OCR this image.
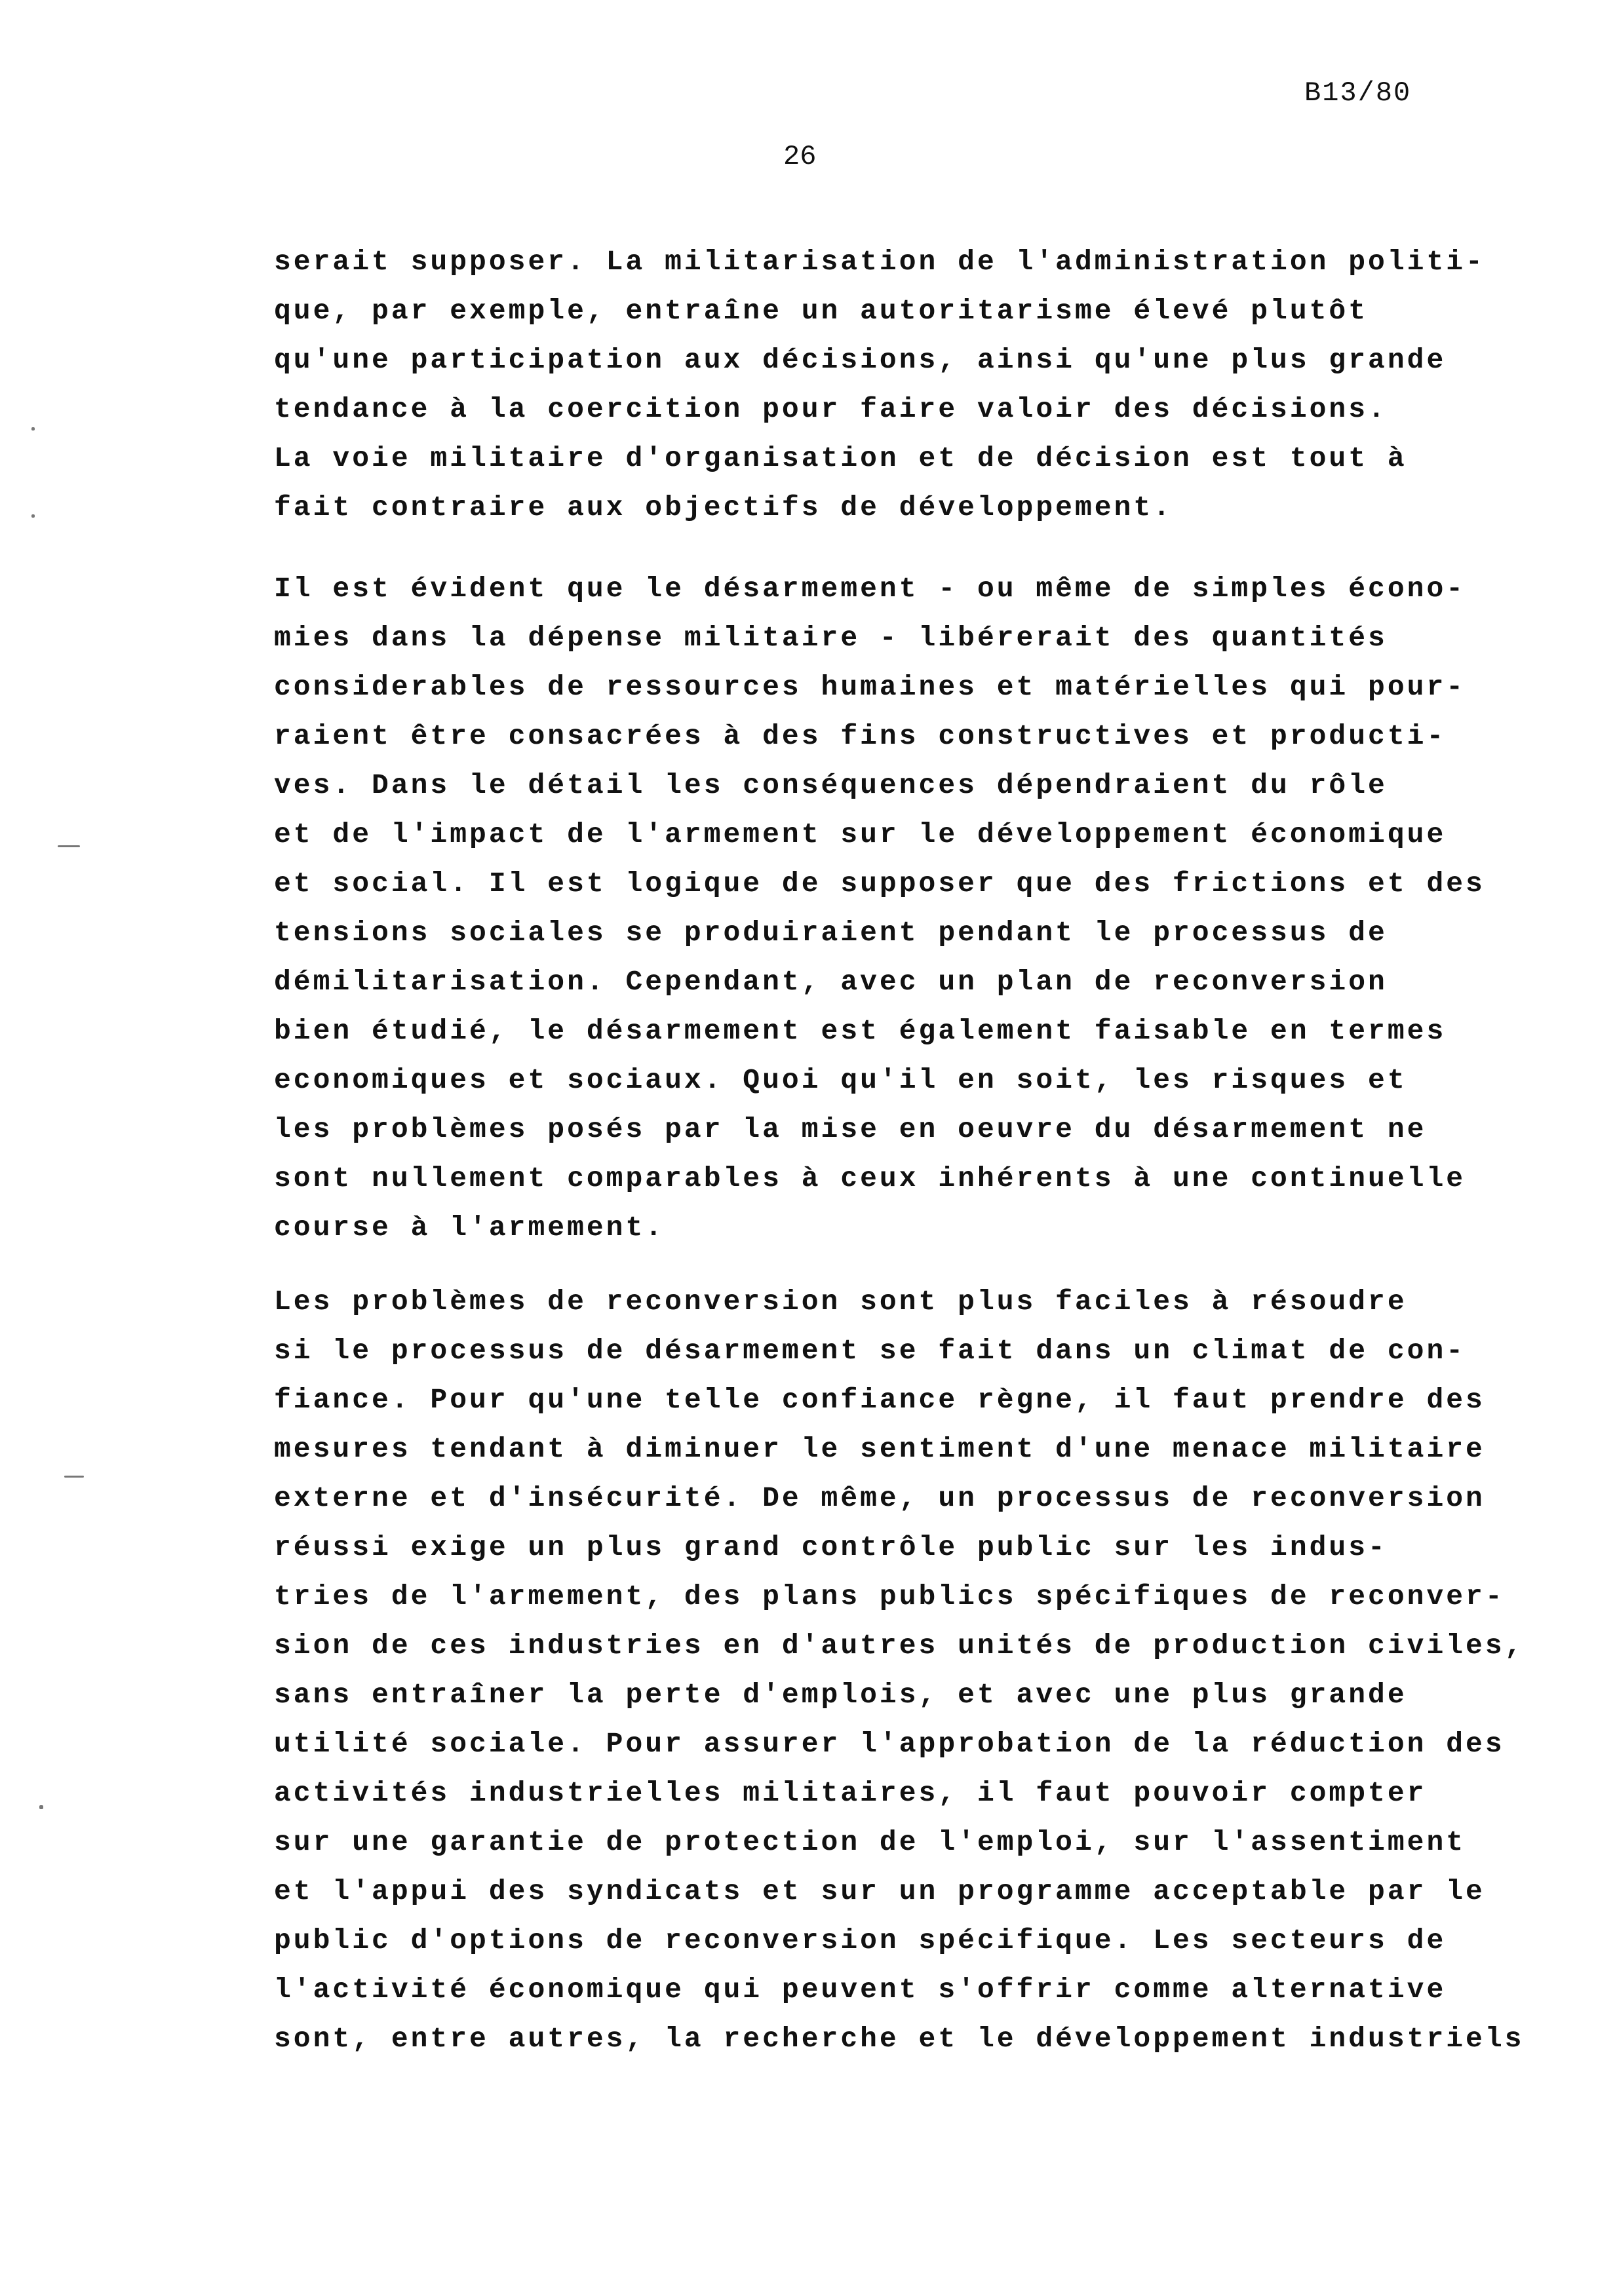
B13/80
26
serait supposer. La militarisation de l'administration politi-
que, par exemple, entraîne un autoritarisme élevé plutôt
qu'une participation aux décisions, ainsi qu'une plus grande
tendance à la coercition pour faire valoir des décisions.
La voie militaire d'organisation et de décision est tout à
fait contraire aux objectifs de développement.
Il est évident que le désarmement - ou même de simples écono-
mies dans la dépense militaire - libérerait des quantités
considerables de ressources humaines et matérielles qui pour-
raient être consacrées à des fins constructives et producti-
ves. Dans le détail les conséquences dépendraient du rôle
et de l'impact de l'armement sur le développement économique
et social. Il est logique de supposer que des frictions et des
tensions sociales se produiraient pendant le processus de
démilitarisation. Cependant, avec un plan de reconversion
bien étudié, le désarmement est également faisable en termes
economiques et sociaux. Quoi qu'il en soit, les risques et
les problèmes posés par la mise en oeuvre du désarmement ne
sont nullement comparables à ceux inhérents à une continuelle
course à l'armement.
Les problèmes de reconversion sont plus faciles à résoudre
si le processus de désarmement se fait dans un climat de con-
fiance. Pour qu'une telle confiance règne, il faut prendre des
mesures tendant à diminuer le sentiment d'une menace militaire
externe et d'insécurité. De même, un processus de reconversion
réussi exige un plus grand contrôle public sur les indus-
tries de l'armement, des plans publics spécifiques de reconver-
sion de ces industries en d'autres unités de production civiles,
sans entraîner la perte d'emplois, et avec une plus grande
utilité sociale. Pour assurer l'approbation de la réduction des
activités industrielles militaires, il faut pouvoir compter
sur une garantie de protection de l'emploi, sur l'assentiment
et l'appui des syndicats et sur un programme acceptable par le
public d'options de reconversion spécifique. Les secteurs de
l'activité économique qui peuvent s'offrir comme alternative
sont, entre autres, la recherche et le développement industriels
